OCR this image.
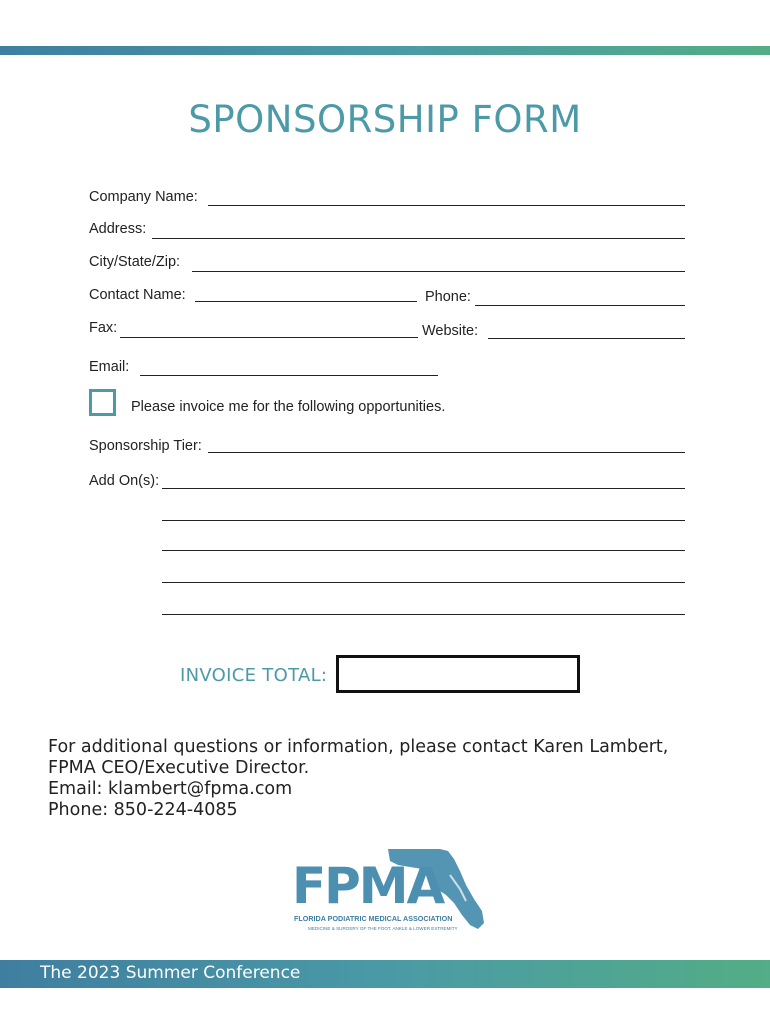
SPONSORSHIP FORM
Company Name:
Address:
City/State/Zip:
Contact Name:	Phone:
Fax:	Website:
Email:
Please invoice me for the following opportunities.
Sponsorship Tier:
Add On(s):
INVOICE TOTAL:
For additional questions or information, please contact Karen Lambert,
FPMA CEO/Executive Director.
Email: klambert@fpma.com
Phone: 850-224-4085
FPMA
FLORIDA PODIATRIC MEDICAL ASSOCIATION
MEDICINE & SURGERY OF THE FOOT, ANKLE & LOWER EXTREMITY
The 2023 Summer Conference
